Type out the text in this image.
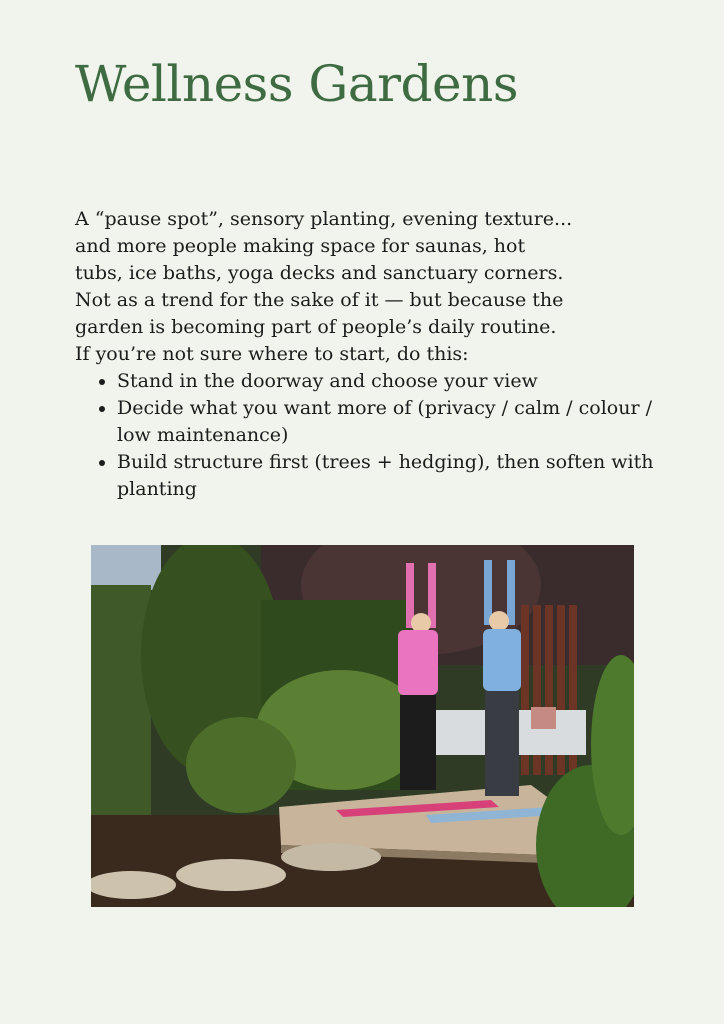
Wellness Gardens

A “pause spot”, sensory planting, evening texture...

and more people making space for saunas, hot

tubs, ice baths, yoga decks and sanctuary corners.

Not as a trend for the sake of it — but because the

garden is becoming part of people’s daily routine.

If you’re not sure where to start, do this:

• Stand in the doorway and choose your view
• Decide what you want more of (privacy / calm / colour / low maintenance)
• Build structure first (trees + hedging), then soften with planting
